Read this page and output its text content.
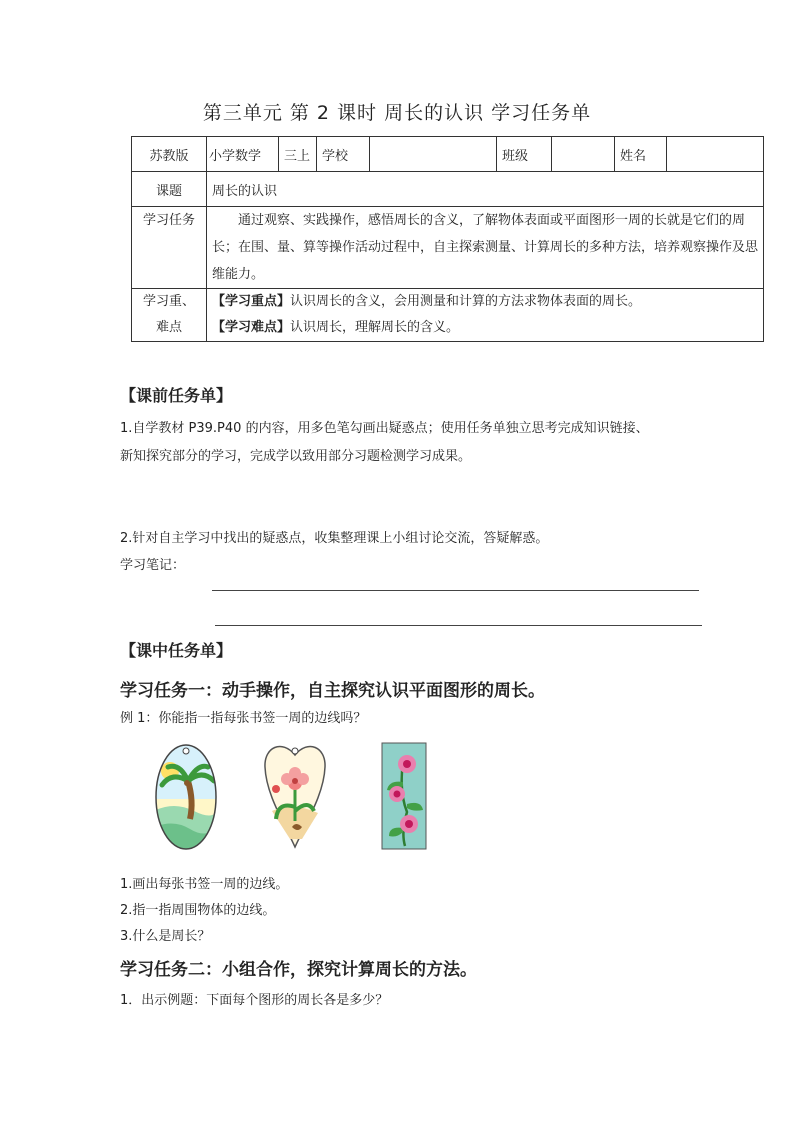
第三单元 第 2 课时 周长的认识 学习任务单
苏教版	小学数学	三上	学校		班级		姓名	
课题	周长的认识							
学习任务	通过观察、实践操作，感悟周长的含义，了解物体表面或平面图形一周的长就是它们的周长；在围、量、算等操作活动过程中，自主探索测量、计算周长的多种方法，培养观察操作及思维能力。							
学习重、难点	【学习重点】认识周长的含义，会用测量和计算的方法求物体表面的周长。
【学习难点】认识周长，理解周长的含义。							
【课前任务单】
1.自学教材 P39.P40 的内容，用多色笔勾画出疑惑点；使用任务单独立思考完成知识链接、
新知探究部分的学习，完成学以致用部分习题检测学习成果。
2.针对自主学习中找出的疑惑点，收集整理课上小组讨论交流，答疑解惑。
学习笔记：
【课中任务单】
学习任务一：动手操作，自主探究认识平面图形的周长。
例 1：你能指一指每张书签一周的边线吗？
1.画出每张书签一周的边线。
2.指一指周围物体的边线。
3.什么是周长？
学习任务二：小组合作，探究计算周长的方法。
1．出示例题：下面每个图形的周长各是多少？
